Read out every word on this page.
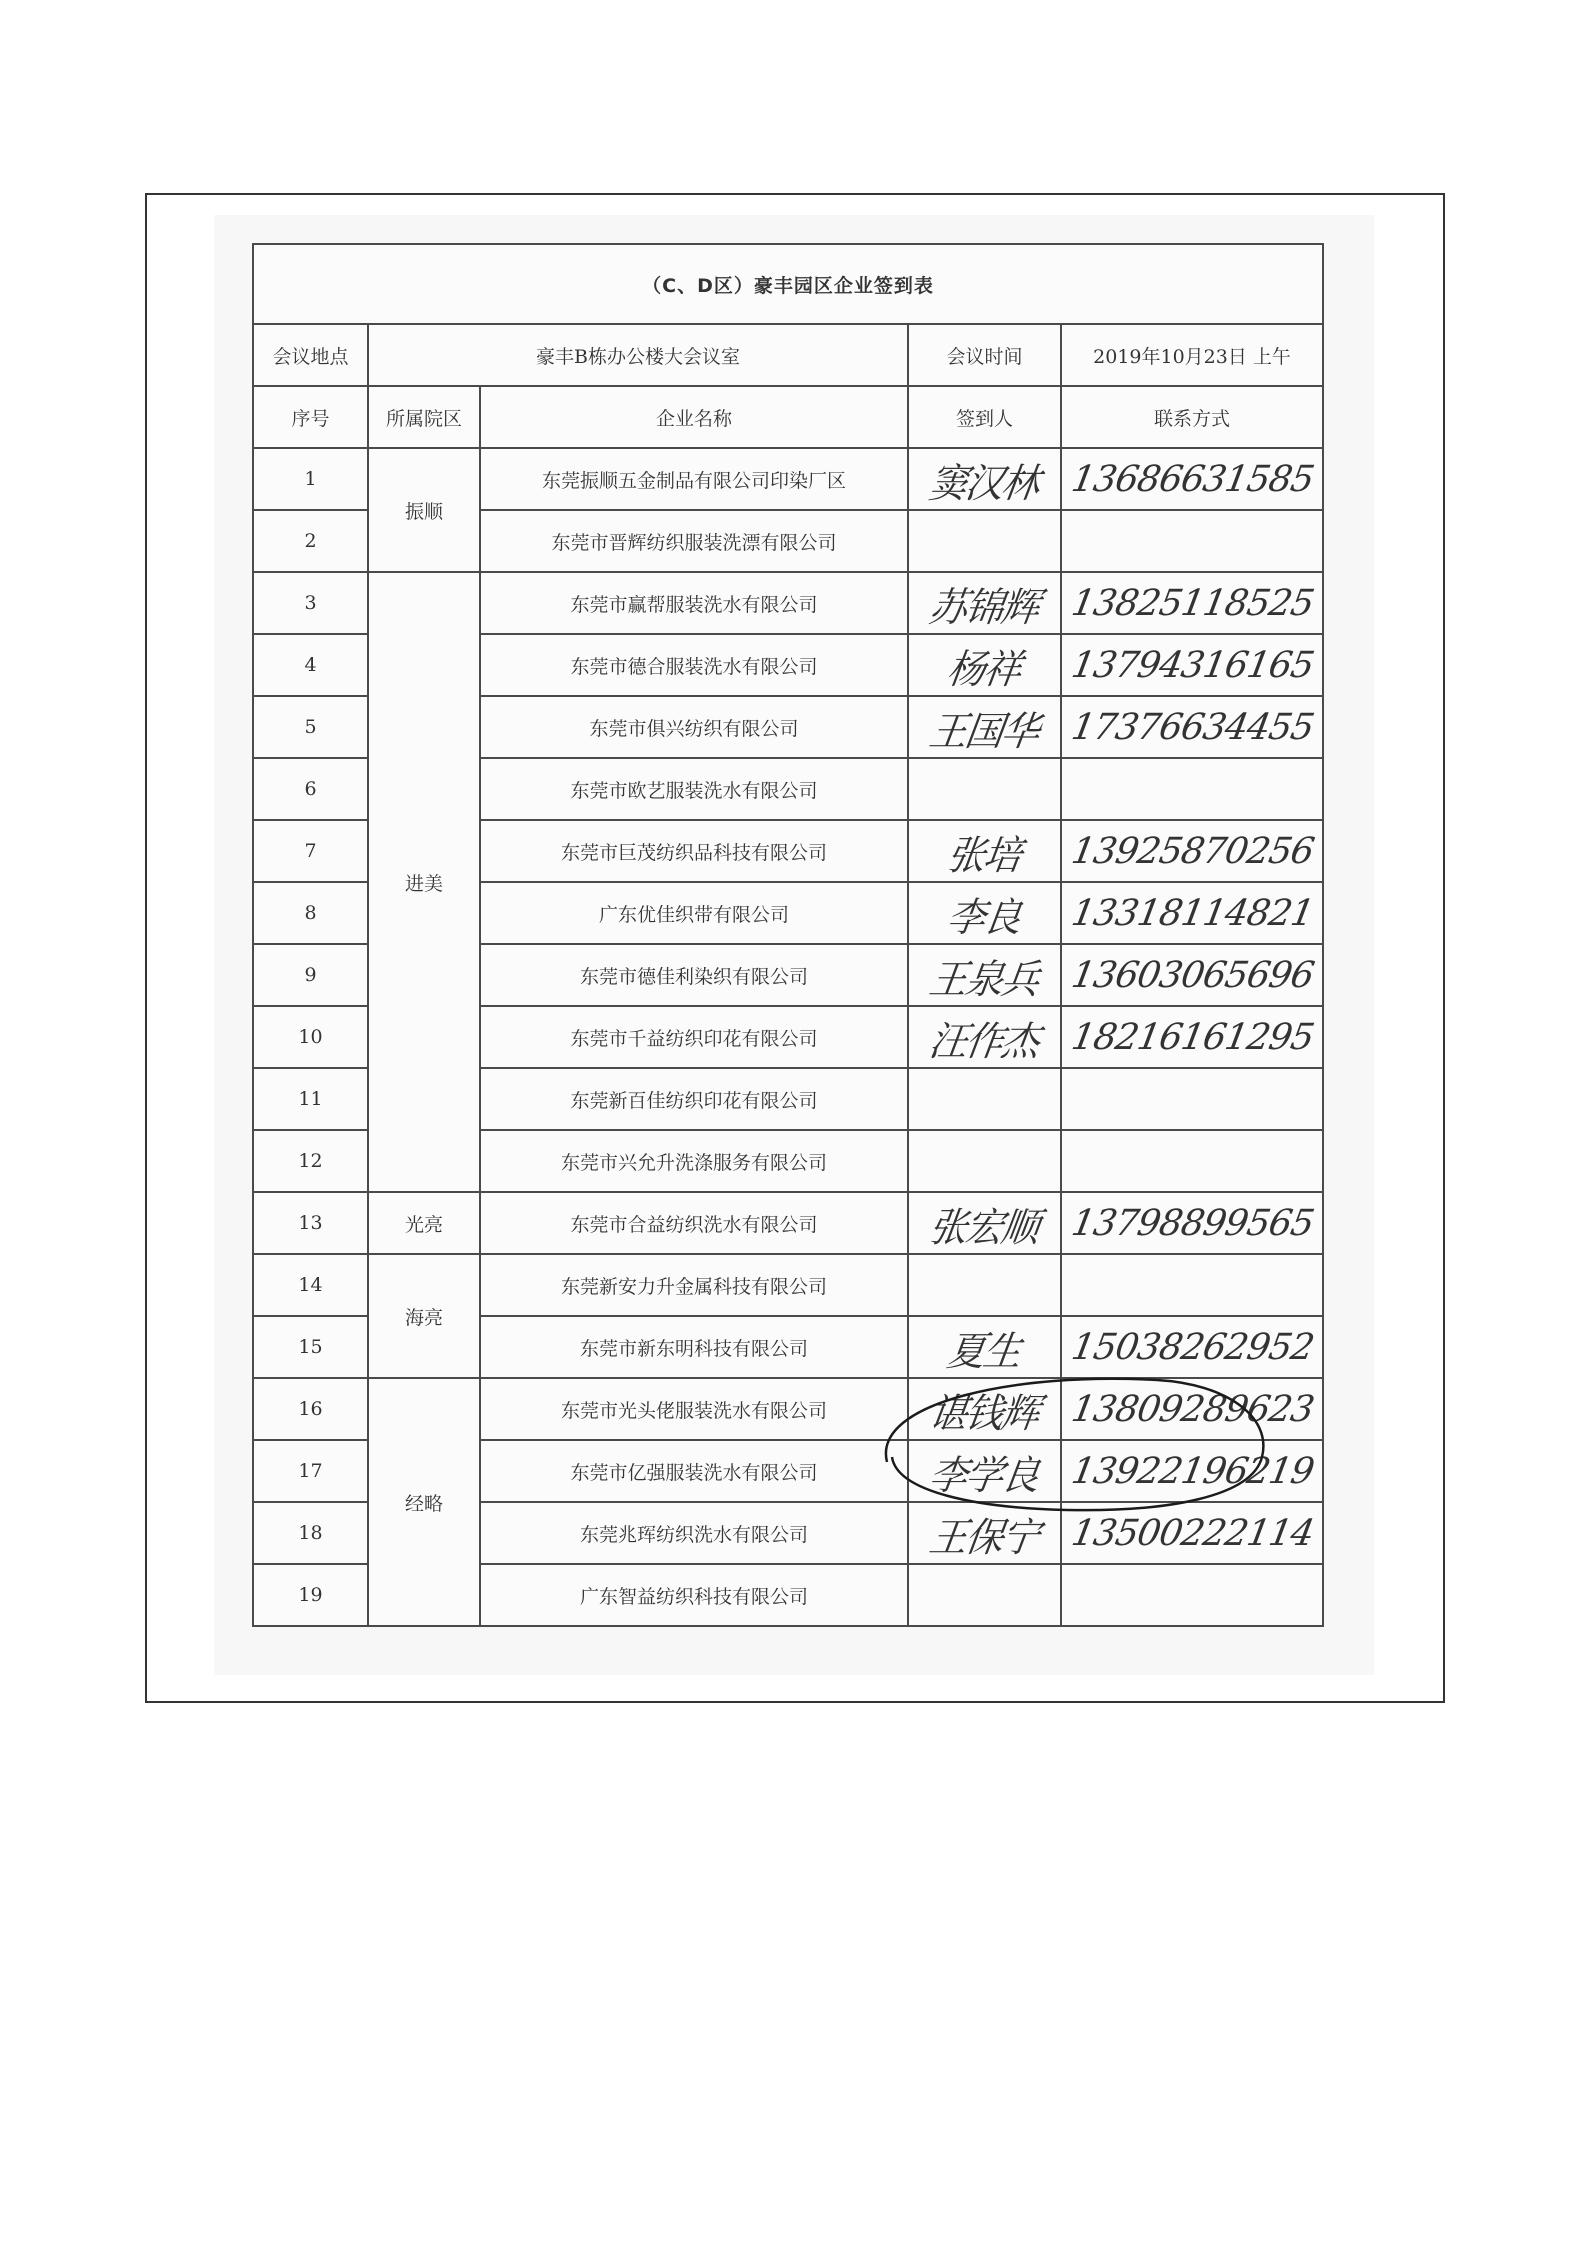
（C、D区）豪丰园区企业签到表				
会议地点	豪丰B栋办公楼大会议室		会议时间	2019年10月23日 上午
序号	所属院区	企业名称	签到人	联系方式
1	振顺	东莞振顺五金制品有限公司印染厂区	窦汉林	13686631585
2		东莞市晋辉纺织服装洗漂有限公司		
3	进美	东莞市赢帮服装洗水有限公司	苏锦辉	13825118525
4		东莞市德合服装洗水有限公司	杨祥	13794316165
5		东莞市俱兴纺织有限公司	王国华	17376634455
6		东莞市欧艺服装洗水有限公司		
7		东莞市巨茂纺织品科技有限公司	张培	13925870256
8		广东优佳织带有限公司	李良	13318114821
9		东莞市德佳利染织有限公司	王泉兵	13603065696
10		东莞市千益纺织印花有限公司	汪作杰	18216161295
11		东莞新百佳纺织印花有限公司		
12		东莞市兴允升洗涤服务有限公司		
13	光亮	东莞市合益纺织洗水有限公司	张宏顺	13798899565
14	海亮	东莞新安力升金属科技有限公司		
15		东莞市新东明科技有限公司	夏生	15038262952
16	经略	东莞市光头佬服装洗水有限公司	谌钱辉	13809289623
17		东莞市亿强服装洗水有限公司	李学良	13922196219
18		东莞兆珲纺织洗水有限公司	王保宁	13500222114
19		广东智益纺织科技有限公司		
